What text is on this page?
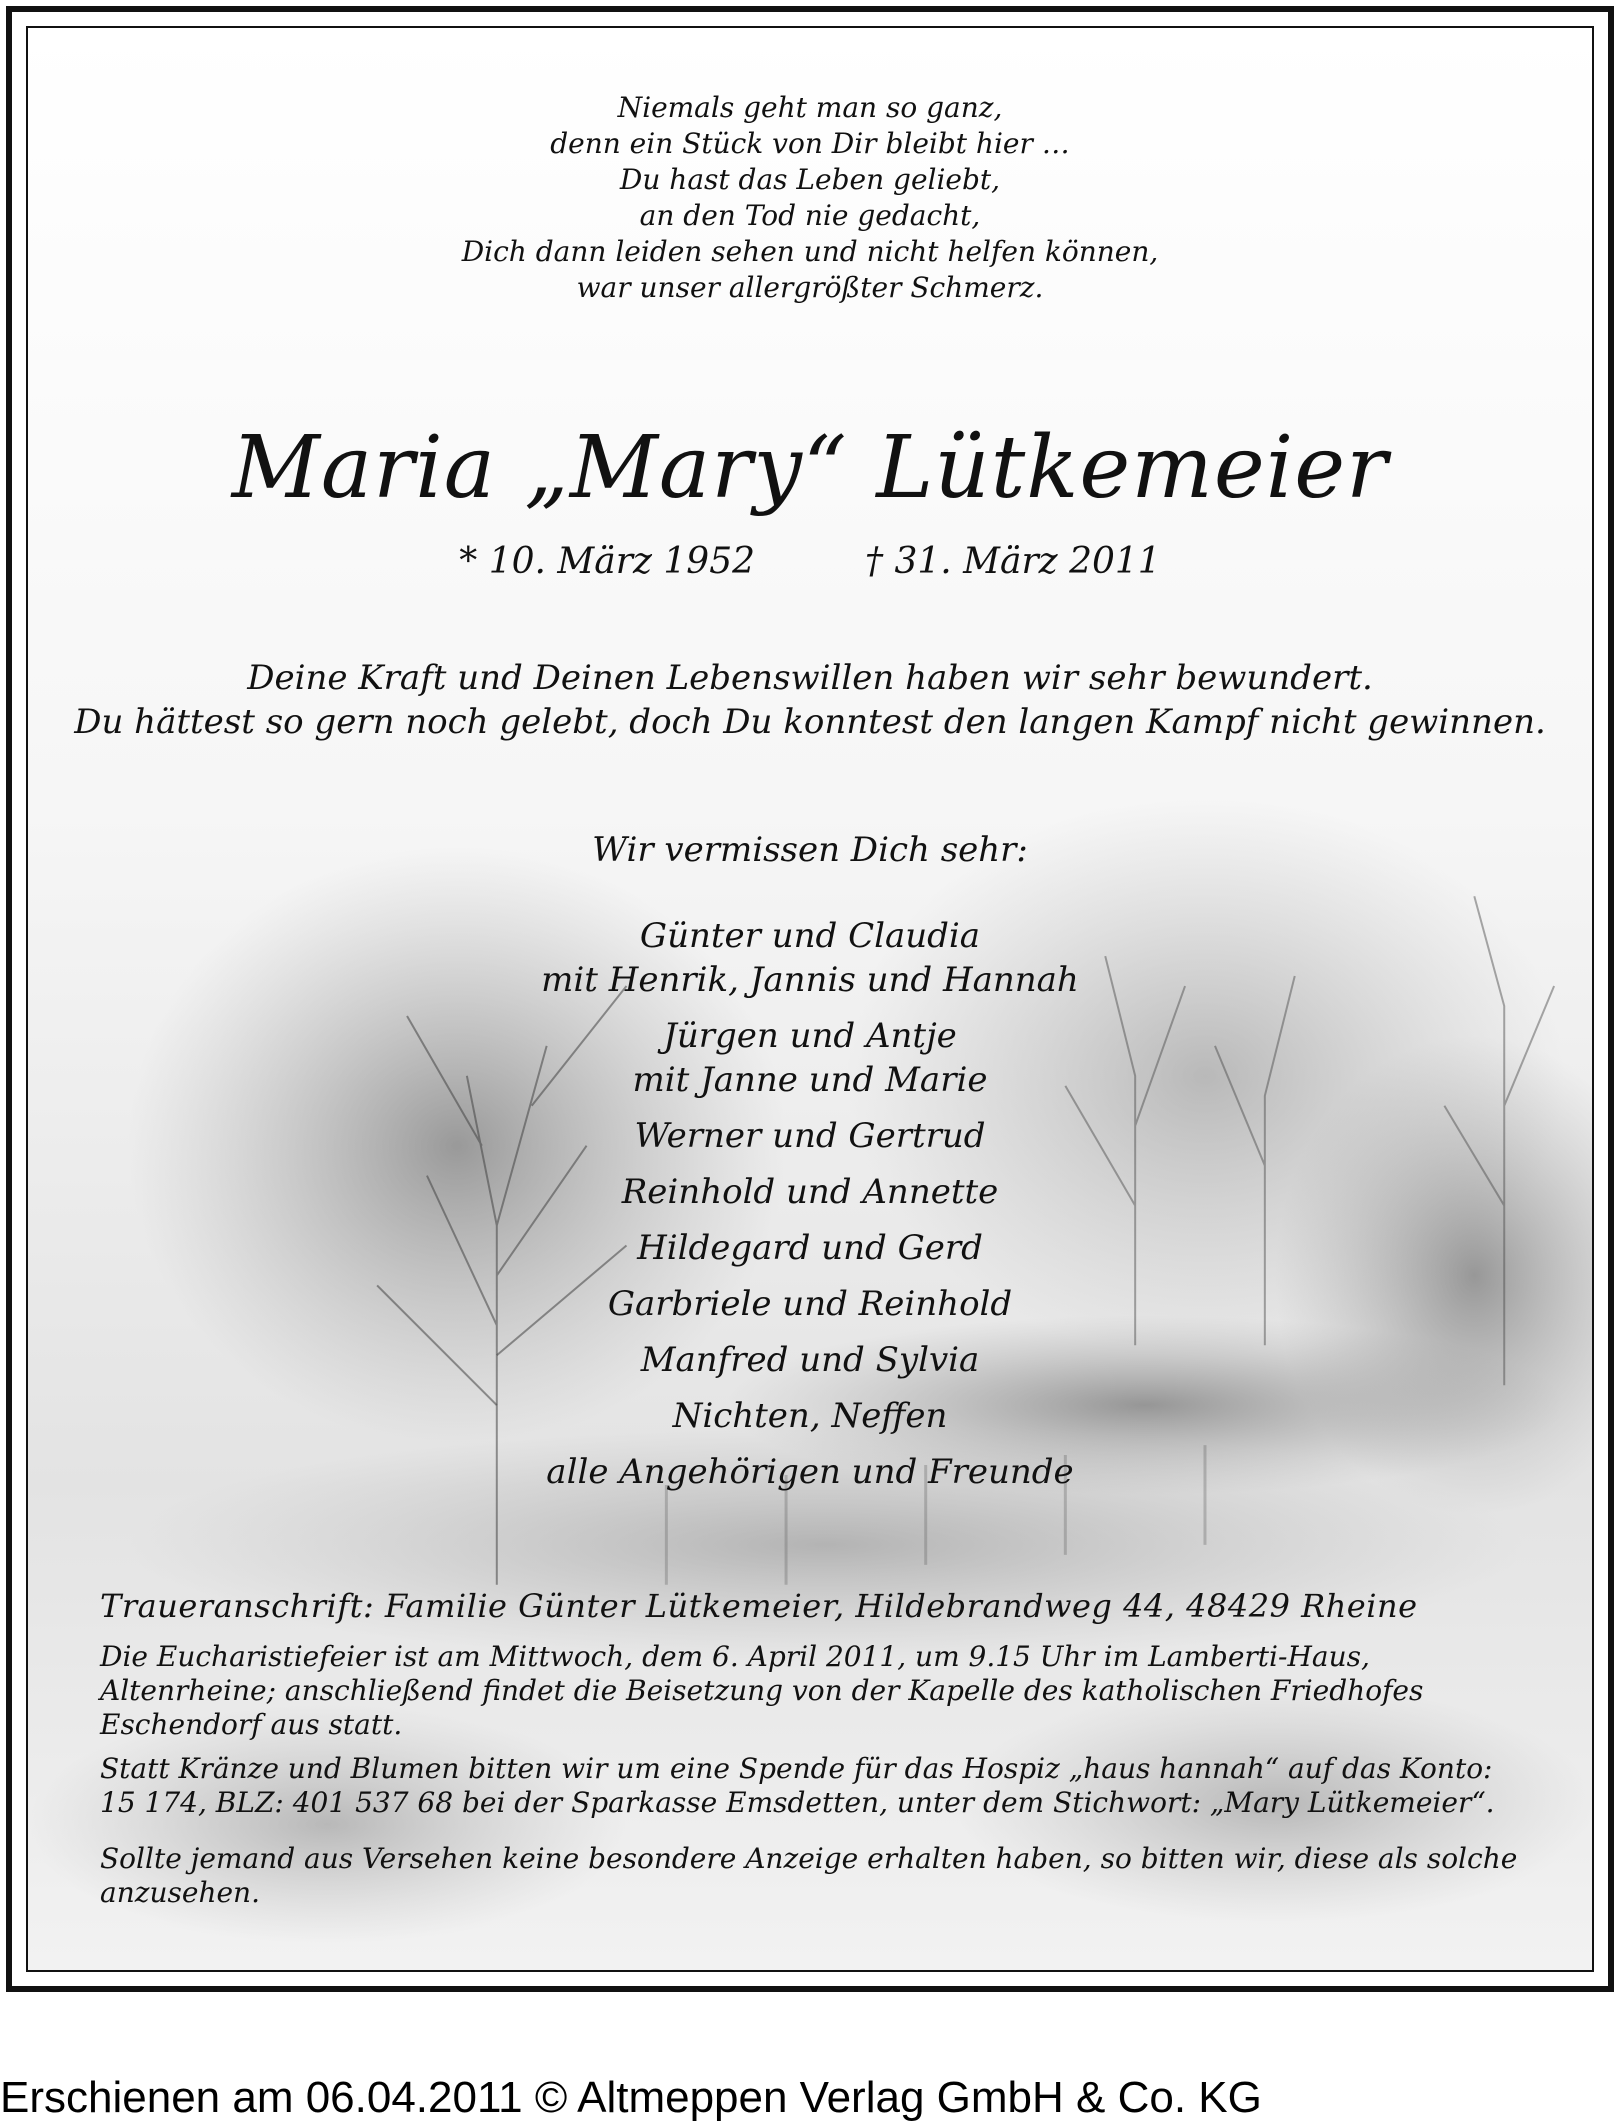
Niemals geht man so ganz,
denn ein Stück von Dir bleibt hier …
Du hast das Leben geliebt,
an den Tod nie gedacht,
Dich dann leiden sehen und nicht helfen können,
war unser allergrößter Schmerz.
Maria „Mary“ Lütkemeier
* 10. März 1952	† 31. März 2011
Deine Kraft und Deinen Lebenswillen haben wir sehr bewundert.
Du hättest so gern noch gelebt, doch Du konntest den langen Kampf nicht gewinnen.
Wir vermissen Dich sehr:
Günter und Claudia
mit Henrik, Jannis und Hannah
Jürgen und Antje
mit Janne und Marie
Werner und Gertrud
Reinhold und Annette
Hildegard und Gerd
Garbriele und Reinhold
Manfred und Sylvia
Nichten, Neffen
alle Angehörigen und Freunde
Traueranschrift: Familie Günter Lütkemeier, Hildebrandweg 44, 48429 Rheine
Die Eucharistiefeier ist am Mittwoch, dem 6. April 2011, um 9.15 Uhr im Lamberti-Haus, Altenrheine; anschließend findet die Beisetzung von der Kapelle des katholischen Friedhofes Eschendorf aus statt.
Statt Kränze und Blumen bitten wir um eine Spende für das Hospiz „haus hannah“ auf das Konto: 15 174, BLZ: 401 537 68 bei der Sparkasse Emsdetten, unter dem Stichwort: „Mary Lütkemeier“.
Sollte jemand aus Versehen keine besondere Anzeige erhalten haben, so bitten wir, diese als solche anzusehen.
Erschienen am 06.04.2011 © Altmeppen Verlag GmbH & Co. KG
